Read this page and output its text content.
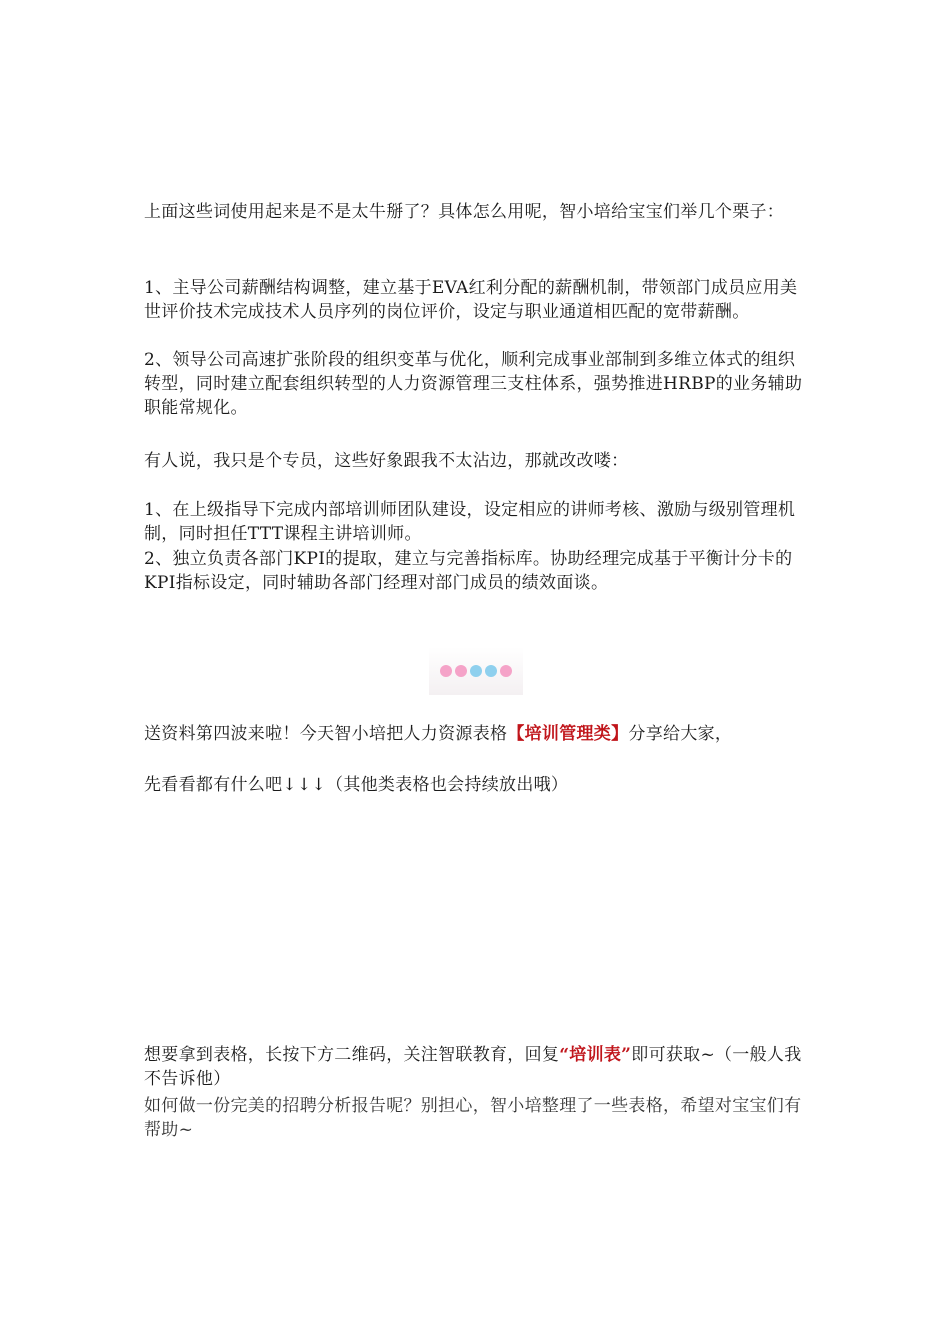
上面这些词使用起来是不是太牛掰了？具体怎么用呢，智小培给宝宝们举几个栗子：

1、主导公司薪酬结构调整，建立基于EVA红利分配的薪酬机制，带领部门成员应用美世评价技术完成技术人员序列的岗位评价，设定与职业通道相匹配的宽带薪酬。

2、领导公司高速扩张阶段的组织变革与优化，顺利完成事业部制到多维立体式的组织转型，同时建立配套组织转型的人力资源管理三支柱体系，强势推进HRBP的业务辅助职能常规化。

有人说，我只是个专员，这些好象跟我不太沾边，那就改改喽：

1、在上级指导下完成内部培训师团队建设，设定相应的讲师考核、激励与级别管理机制，同时担任TTT课程主讲培训师。

2、独立负责各部门KPI的提取，建立与完善指标库。协助经理完成基于平衡计分卡的KPI指标设定，同时辅助各部门经理对部门成员的绩效面谈。

送资料第四波来啦！今天智小培把人力资源表格【培训管理类】分享给大家，

先看看都有什么吧↓↓↓（其他类表格也会持续放出哦）

想要拿到表格，长按下方二维码，关注智联教育，回复“培训表”即可获取~（一般人我不告诉他）

如何做一份完美的招聘分析报告呢？别担心，智小培整理了一些表格，希望对宝宝们有帮助~
